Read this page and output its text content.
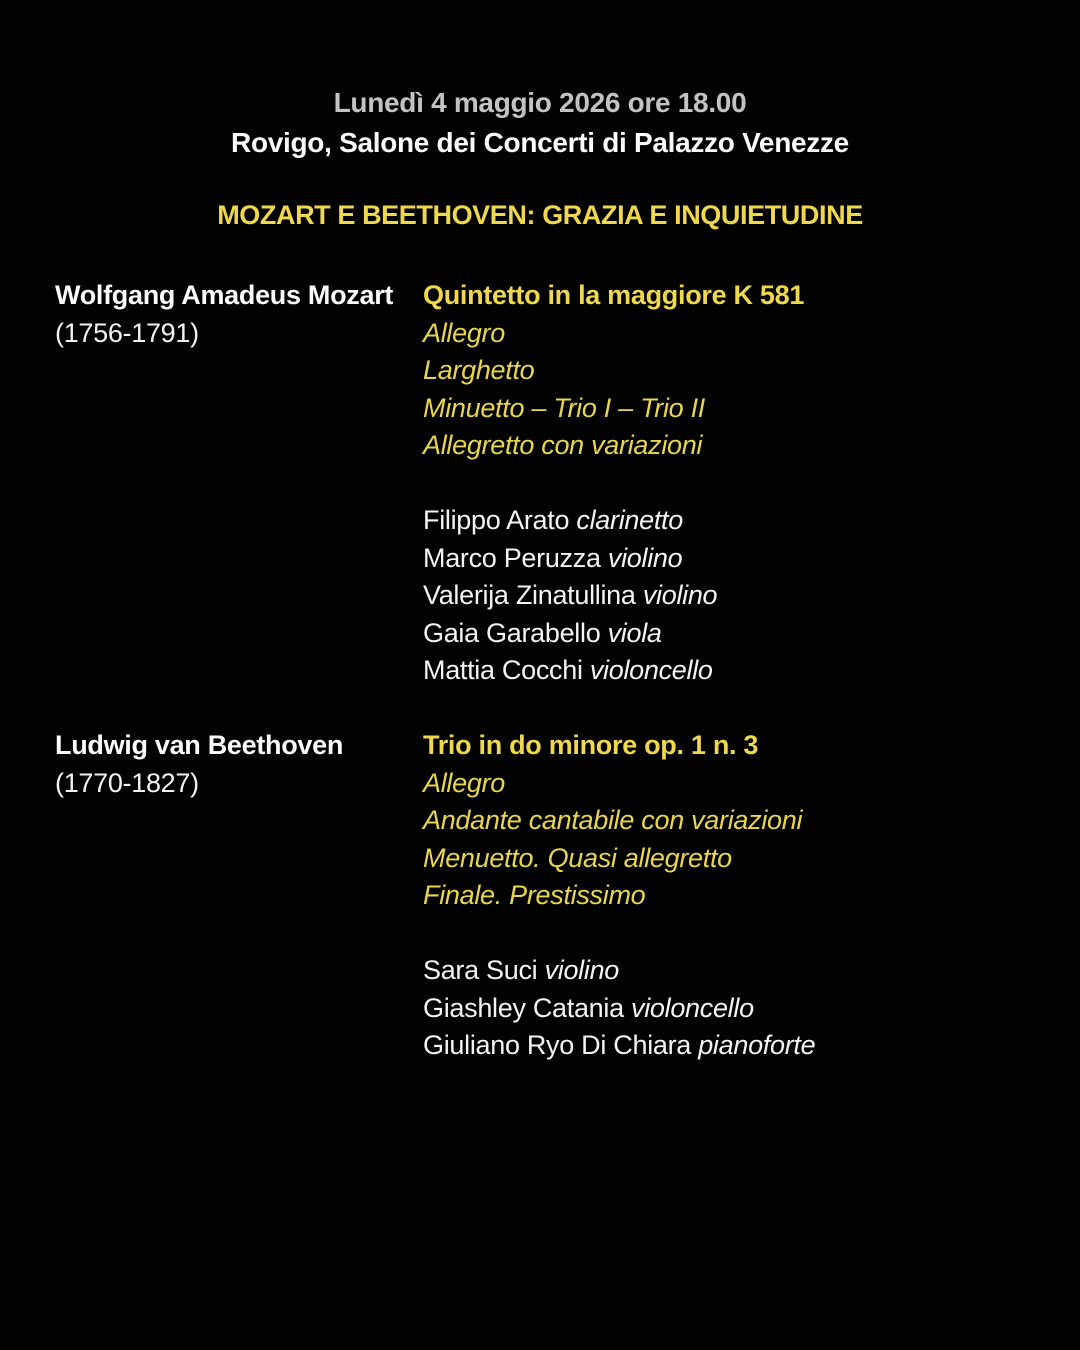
Lunedì 4 maggio 2026 ore 18.00
Rovigo, Salone dei Concerti di Palazzo Venezze
MOZART E BEETHOVEN: GRAZIA E INQUIETUDINE
Wolfgang Amadeus Mozart
(1756-1791)
Quintetto in la maggiore K 581
Allegro
Larghetto
Minuetto – Trio I – Trio II
Allegretto con variazioni
Filippo Arato clarinetto
Marco Peruzza violino
Valerija Zinatullina violino
Gaia Garabello viola
Mattia Cocchi violoncello
Ludwig van Beethoven
(1770-1827)
Trio in do minore op. 1 n. 3
Allegro
Andante cantabile con variazioni
Menuetto. Quasi allegretto
Finale. Prestissimo
Sara Suci violino
Giashley Catania violoncello
Giuliano Ryo Di Chiara pianoforte
